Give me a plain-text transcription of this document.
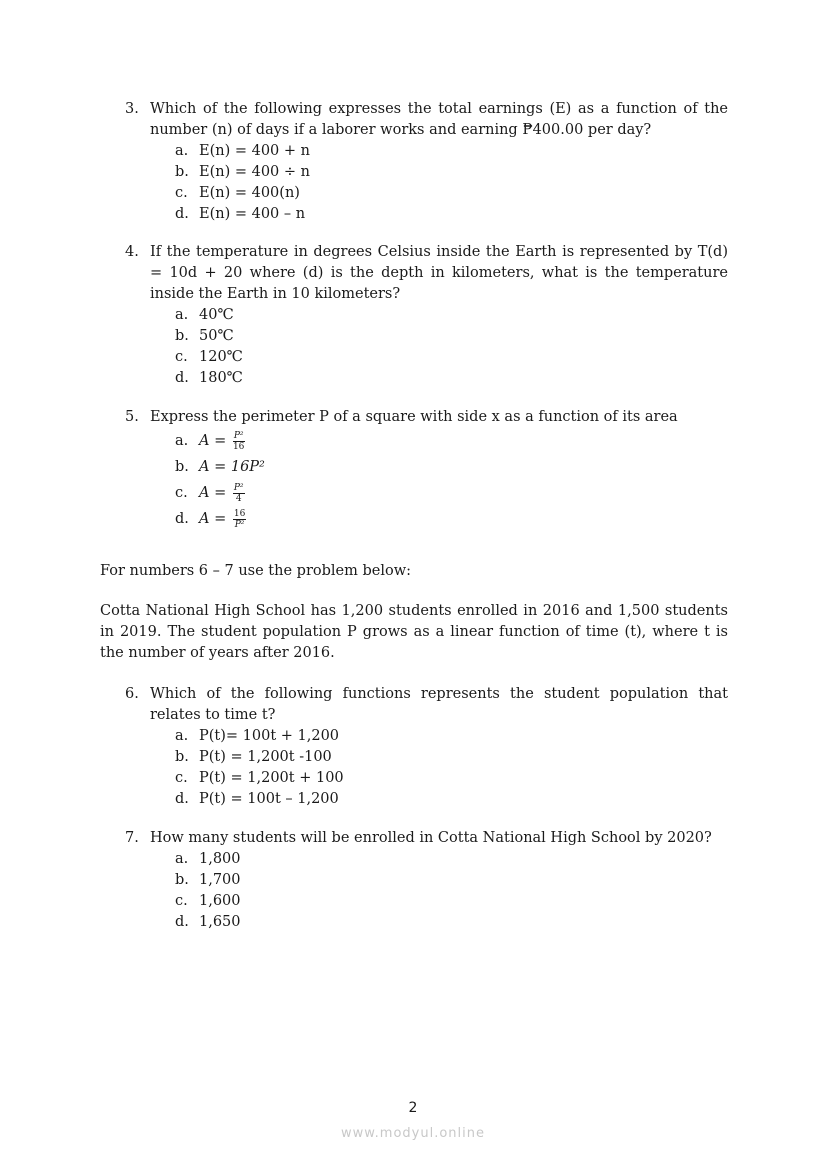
3. Which of the following expresses the total earnings (E) as a function of the number (n) of days if a laborer works and earning ₱400.00 per day?
a. E(n) = 400 + n
b. E(n) = 400 ÷ n
c. E(n) = 400(n)
d. E(n) = 400 – n
4. If the temperature in degrees Celsius inside the Earth is represented by T(d) = 10d + 20 where (d) is the depth in kilometers, what is the temperature inside the Earth in 10 kilometers?
a. 40℃
b. 50℃
c. 120℃
d. 180℃
5. Express the perimeter P of a square with side x as a function of its area
a. $A = \frac{\text{P²}}{16}$
b. A = 16P²
c. $A = \frac{\text{P²}}{4}$
d. $A = \frac{16}{\text{P²}}$
For numbers 6 – 7 use the problem below:
Cotta National High School has 1,200 students enrolled in 2016 and 1,500 students in 2019. The student population P grows as a linear function of time (t), where t is the number of years after 2016.
6. Which of the following functions represents the student population that relates to time t?
a. P(t)= 100t + 1,200
b. P(t) = 1,200t -100
c. P(t) = 1,200t + 100
d. P(t) = 100t – 1,200
7. How many students will be enrolled in Cotta National High School by 2020?
a. 1,800
b. 1,700
c. 1,600
d. 1,650
2
www.modyul.online
